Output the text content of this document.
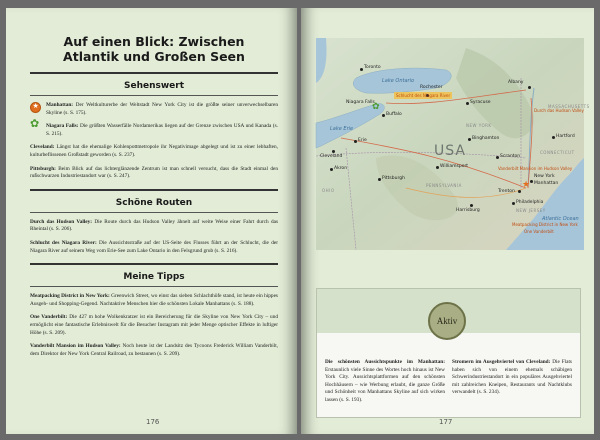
Auf einen Blick: Zwischen
Atlantik und Großen Seen

Sehenswert

★
Manhattan: Der Weltkulturerbe der Weltstadt New York City ist die größte seiner unverwechselbaren Skyline (s. S. 175).

✿
Niagara Falls: Die größten Wasserfälle Nordamerikas liegen auf der Grenze zwischen USA und Kanada (s. S. 215).

Cleveland: Längst hat die ehemalige Kohlenpottmetropole ihr Negativimage abgelegt und ist zu einer lebhaften, kulturbeflissenen Großstadt geworden (s. S. 237).

Pittsburgh: Beim Blick auf das lichterglänzende Zentrum ist man schnell versucht, dass die Stadt einmal den rußschwarzen Industriestandort war (s. S. 247).

Schöne Routen

Durch das Hudson Valley: Die Route durch das Hudson Valley ähnelt auf weite Weise einer Fahrt durch das Rheintal (s. S. 206).

Schlucht des Niagara River: Die Aussichtsstraße auf der US-Seite des Flusses führt an der Schlucht, die der Niagara River auf seinem Weg vom Erie-See zum Lake Ontario in den Felsgrund grub (s. S. 216).

Meine Tipps

Meatpacking District in New York: Greenwich Street, wo einst das sieben Schlachthöfe stand, ist heute ein hippes Ausgeh- und Shopping-Gegend. Nachtaktive Menschen hier die schönsten Lokale Manhattans (s. S. 188).

One Vanderbilt: Die 427 m hohe Wolkenkratzer ist ein Bereicherung für die Skyline von New York City – und ermöglicht eine fantastische Erlebniswelt für die Besucher Instagram mit jeder Menge optischer Effekte in luftiger Höhe (s. S. 209).

Vanderbilt Mansion im Hudson Valley: Noch heute ist der Landsitz des Tycoons Frederick William Vanderbilt, dem Direktor der New York Central Railroad, zu bestaunen (s. S. 209).

176
USA
Lake Ontario
Lake Erie
Atlantic Ocean
NEW YORK
PENNSYLVANIA
NEW JERSEY
OHIO
MASSACHUSETTS
CONNECTICUT
Toronto
Niagara Falls
✿
Buffalo
Rochester
Syracuse
Albany
Erie
Cleveland
Akron
Pittsburgh
Harrisburg
Philadelphia
New York
Manhattan
★
Trenton
Scranton
Binghamton	Hartford
Williamsport
Schlucht des Niagara River
Durch das Hudson Valley
Vanderbilt Mansion im Hudson Valley
Meatpacking District in New York
One Vanderbilt
Aktiv
Die schönsten Aussichtspunkte im Manhattan: Erstaunlich viele Sinne des Wortes hoch hinaus ist New York City. Aussichtsplattformen auf den schönsten Hochhäusern – wie Werbung erlaubt, die ganze Größe und Schönheit von Manhattans Skyline auf sich wirken lassen (s. S. 193).
Stromern im Ausgehviertel von Cleveland: Die Flats haben sich von einem ehemals schäbigen Schwerindustriestandort in ein populäres Ausgehviertel mit zahlreichen Kneipen, Restaurants und Nachtklubs verwandelt (s. S. 234).
177
